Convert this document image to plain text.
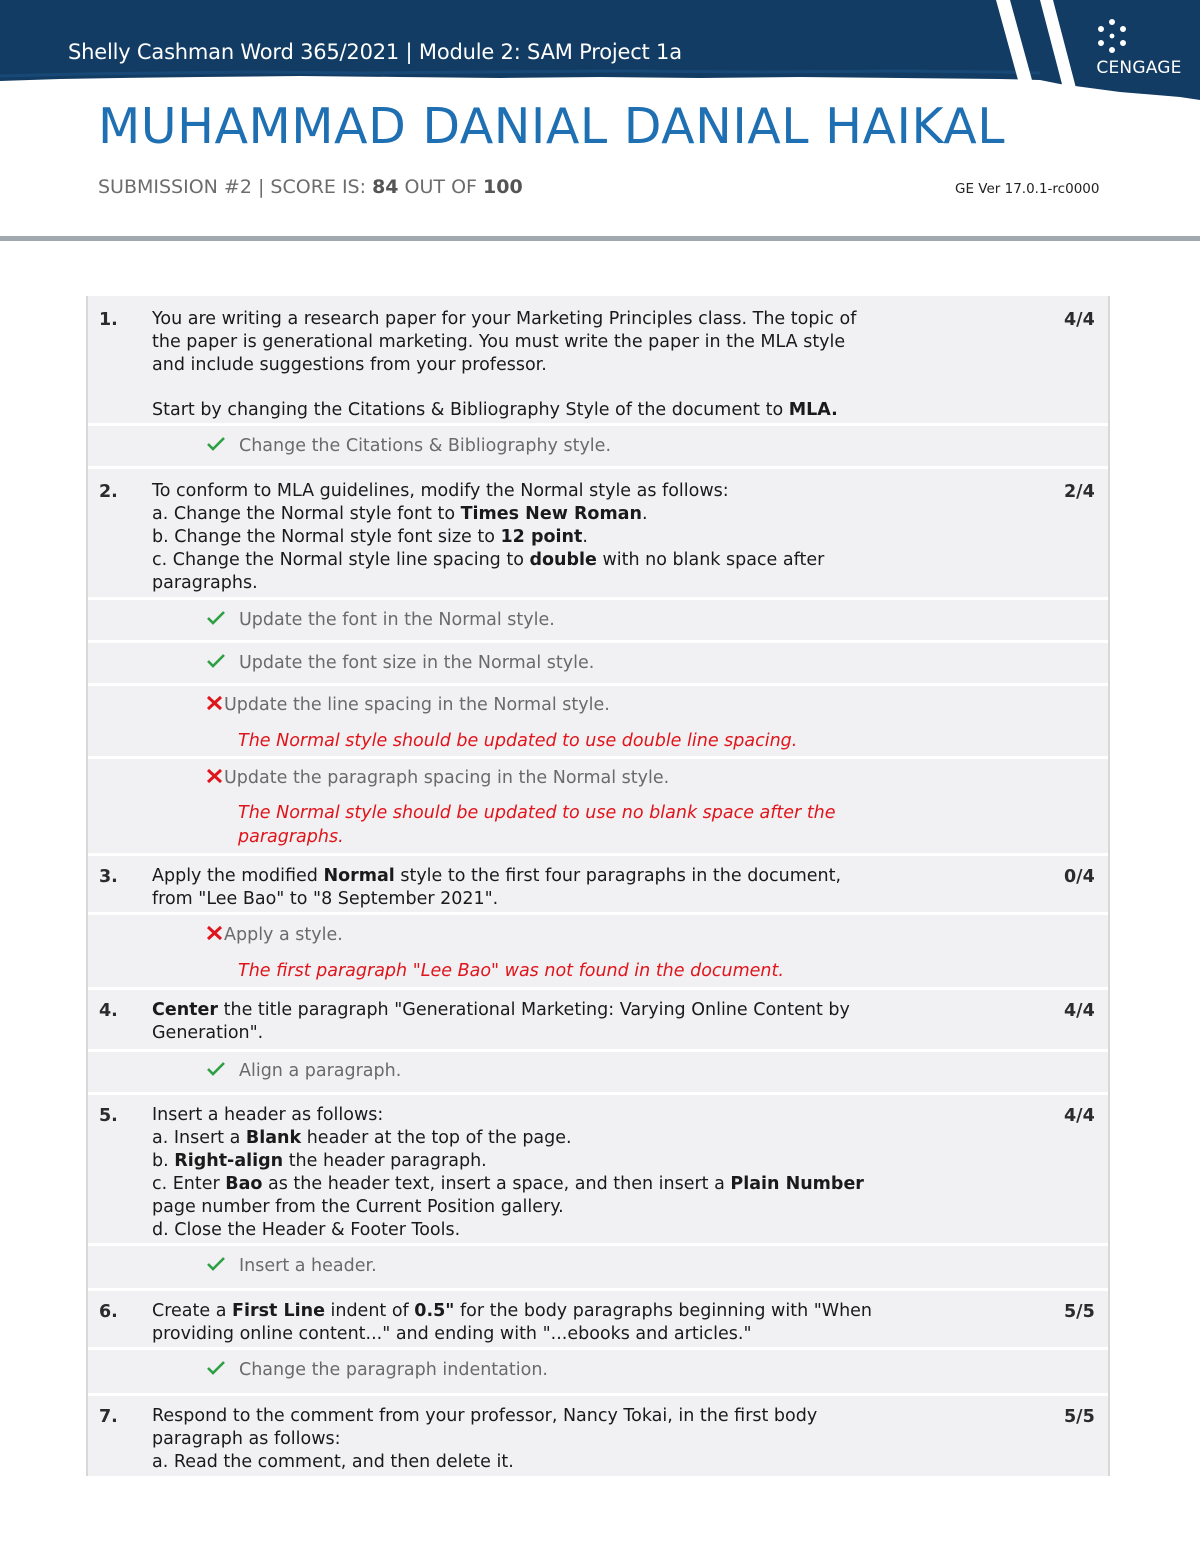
Shelly Cashman Word 365/2021 | Module 2: SAM Project 1a
CENGAGE
MUHAMMAD DANIAL DANIAL HAIKAL
SUBMISSION #2 | SCORE IS: 84 OUT OF 100	GE Ver 17.0.1-rc0000
1. You are writing a research paper for your Marketing Principles class. The topic of
the paper is generational marketing. You must write the paper in the MLA style
and include suggestions from your professor.
Start by changing the Citations & Bibliography Style of the document to MLA.
4/4
Change the Citations & Bibliography style.
2. To conform to MLA guidelines, modify the Normal style as follows:
a. Change the Normal style font to Times New Roman.
b. Change the Normal style font size to 12 point.
c. Change the Normal style line spacing to double with no blank space after
paragraphs.
2/4
Update the font in the Normal style.
Update the font size in the Normal style.
Update the line spacing in the Normal style.
The Normal style should be updated to use double line spacing.
Update the paragraph spacing in the Normal style.
The Normal style should be updated to use no blank space after the
paragraphs.
3. Apply the modified Normal style to the first four paragraphs in the document,
from "Lee Bao" to "8 September 2021".
0/4
Apply a style.
The first paragraph "Lee Bao" was not found in the document.
4. Center the title paragraph "Generational Marketing: Varying Online Content by
Generation".
4/4
Align a paragraph.
5. Insert a header as follows:
a. Insert a Blank header at the top of the page.
b. Right-align the header paragraph.
c. Enter Bao as the header text, insert a space, and then insert a Plain Number
page number from the Current Position gallery.
d. Close the Header & Footer Tools.
4/4
Insert a header.
6. Create a First Line indent of 0.5" for the body paragraphs beginning with "When
providing online content..." and ending with "...ebooks and articles."
5/5
Change the paragraph indentation.
7. Respond to the comment from your professor, Nancy Tokai, in the first body
paragraph as follows:
a. Read the comment, and then delete it.
5/5
